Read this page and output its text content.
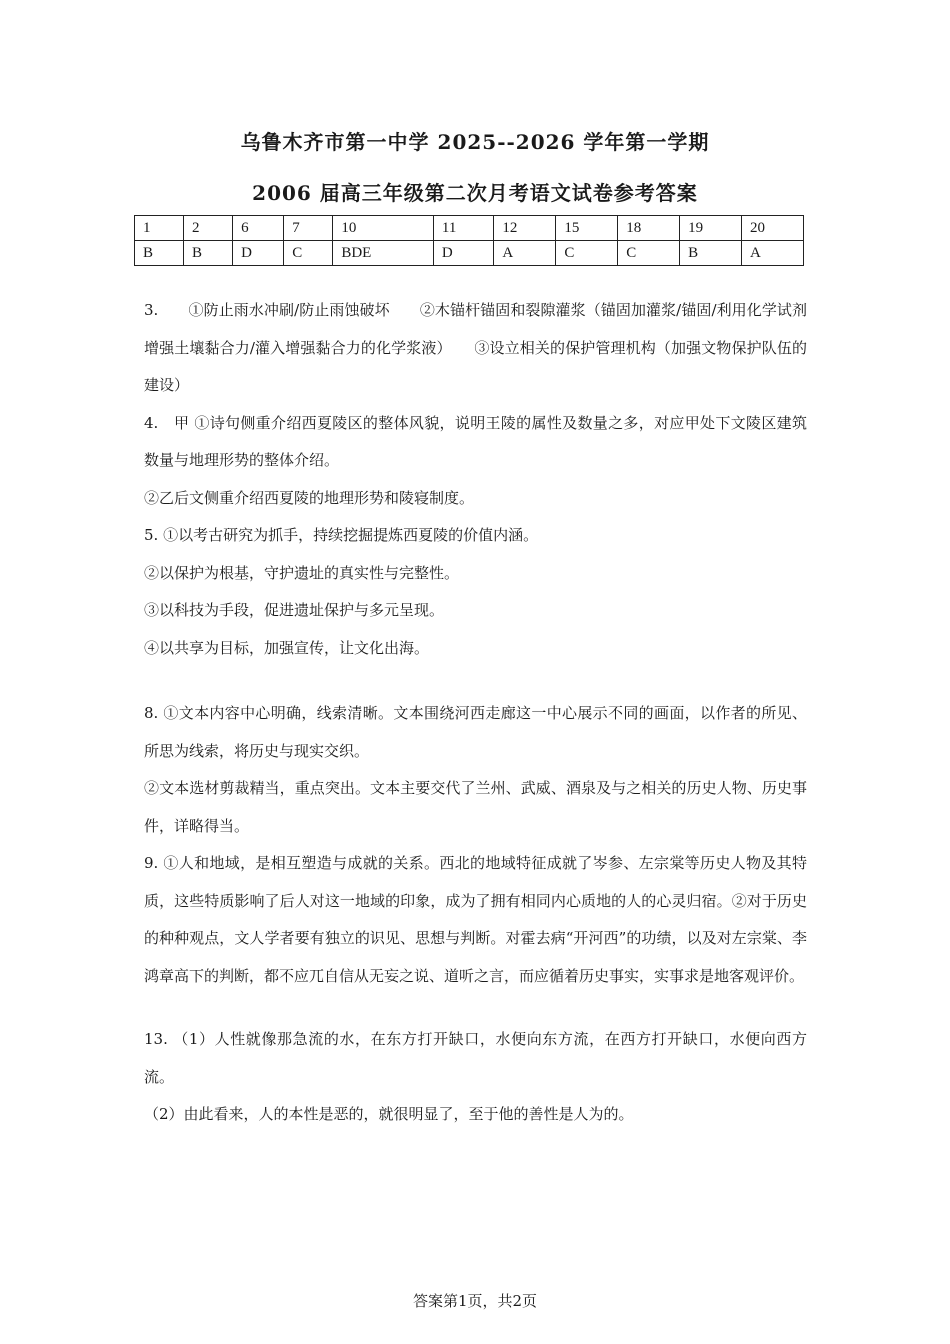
乌鲁木齐市第一中学 2025--2026 学年第一学期
2006 届高三年级第二次月考语文试卷参考答案
1	2	6	7	10	11	12	15	18	19	20
B	B	D	C	BDE	D	A	C	C	B	A

3.　　①防止雨水冲刷/防止雨蚀破坏　　②木锚杆锚固和裂隙灌浆（锚固加灌浆/锚固/利用化学试剂增强土壤黏合力/灌入增强黏合力的化学浆液）　　③设立相关的保护管理机构（加强文物保护队伍的建设）

4.　甲 ①诗句侧重介绍西夏陵区的整体风貌，说明王陵的属性及数量之多，对应甲处下文陵区建筑数量与地理形势的整体介绍。

②乙后文侧重介绍西夏陵的地理形势和陵寝制度。

5. ①以考古研究为抓手，持续挖掘提炼西夏陵的价值内涵。

②以保护为根基，守护遗址的真实性与完整性。

③以科技为手段，促进遗址保护与多元呈现。

④以共享为目标，加强宣传，让文化出海。

8. ①文本内容中心明确，线索清晰。文本围绕河西走廊这一中心展示不同的画面，以作者的所见、所思为线索，将历史与现实交织。

②文本选材剪裁精当，重点突出。文本主要交代了兰州、武威、酒泉及与之相关的历史人物、历史事件，详略得当。

9. ①人和地域，是相互塑造与成就的关系。西北的地域特征成就了岑参、左宗棠等历史人物及其特质，这些特质影响了后人对这一地域的印象，成为了拥有相同内心质地的人的心灵归宿。②对于历史的种种观点，文人学者要有独立的识见、思想与判断。对霍去病“开河西”的功绩，以及对左宗棠、李鸿章高下的判断，都不应兀自信从无妄之说、道听之言，而应循着历史事实，实事求是地客观评价。

13. （1）人性就像那急流的水，在东方打开缺口，水便向东方流，在西方打开缺口，水便向西方流。

（2）由此看来，人的本性是恶的，就很明显了，至于他的善性是人为的。

答案第1页，共2页
